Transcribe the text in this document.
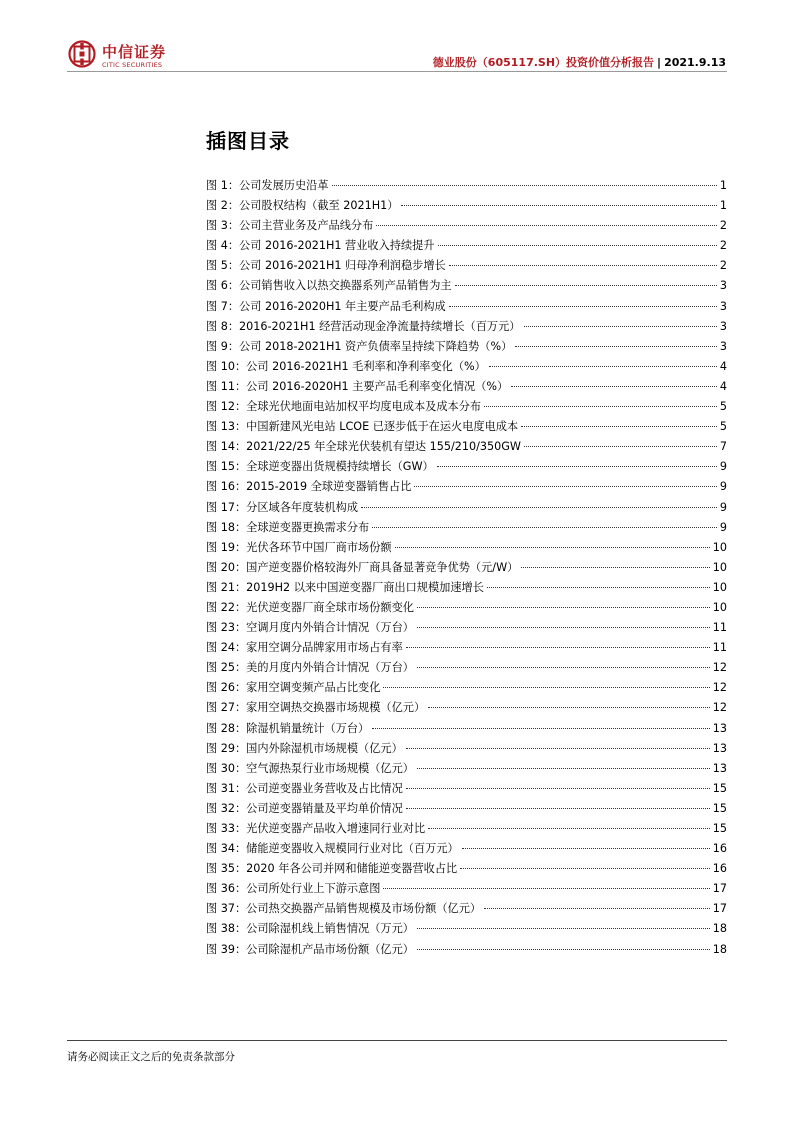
中信证券
CITIC SECURITIES	德业股份（605117.SH）投资价值分析报告 | 2021.9.13
插图目录
图 1：公司发展历史沿革	1
图 2：公司股权结构（截至 2021H1）	1
图 3：公司主营业务及产品线分布	2
图 4：公司 2016-2021H1 营业收入持续提升	2
图 5：公司 2016-2021H1 归母净利润稳步增长	2
图 6：公司销售收入以热交换器系列产品销售为主	3
图 7：公司 2016-2020H1 年主要产品毛利构成	3
图 8：2016-2021H1 经营活动现金净流量持续增长（百万元）	3
图 9：公司 2018-2021H1 资产负债率呈持续下降趋势（%）	3
图 10：公司 2016-2021H1 毛利率和净利率变化（%）	4
图 11：公司 2016-2020H1 主要产品毛利率变化情况（%）	4
图 12：全球光伏地面电站加权平均度电成本及成本分布	5
图 13：中国新建风光电站 LCOE 已逐步低于在运火电度电成本	5
图 14：2021/22/25 年全球光伏装机有望达 155/210/350GW	7
图 15：全球逆变器出货规模持续增长（GW）	9
图 16：2015-2019 全球逆变器销售占比	9
图 17：分区域各年度装机构成	9
图 18：全球逆变器更换需求分布	9
图 19：光伏各环节中国厂商市场份额	10
图 20：国产逆变器价格较海外厂商具备显著竞争优势（元/W）	10
图 21：2019H2 以来中国逆变器厂商出口规模加速增长	10
图 22：光伏逆变器厂商全球市场份额变化	10
图 23：空调月度内外销合计情况（万台）	11
图 24：家用空调分品牌家用市场占有率	11
图 25：美的月度内外销合计情况（万台）	12
图 26：家用空调变频产品占比变化	12
图 27：家用空调热交换器市场规模（亿元）	12
图 28：除湿机销量统计（万台）	13
图 29：国内外除湿机市场规模（亿元）	13
图 30：空气源热泵行业市场规模（亿元）	13
图 31：公司逆变器业务营收及占比情况	15
图 32：公司逆变器销量及平均单价情况	15
图 33：光伏逆变器产品收入增速同行业对比	15
图 34：储能逆变器收入规模同行业对比（百万元）	16
图 35：2020 年各公司并网和储能逆变器营收占比	16
图 36：公司所处行业上下游示意图	17
图 37：公司热交换器产品销售规模及市场份额（亿元）	17
图 38：公司除湿机线上销售情况（万元）	18
图 39：公司除湿机产品市场份额（亿元）	18
请务必阅读正文之后的免责条款部分
